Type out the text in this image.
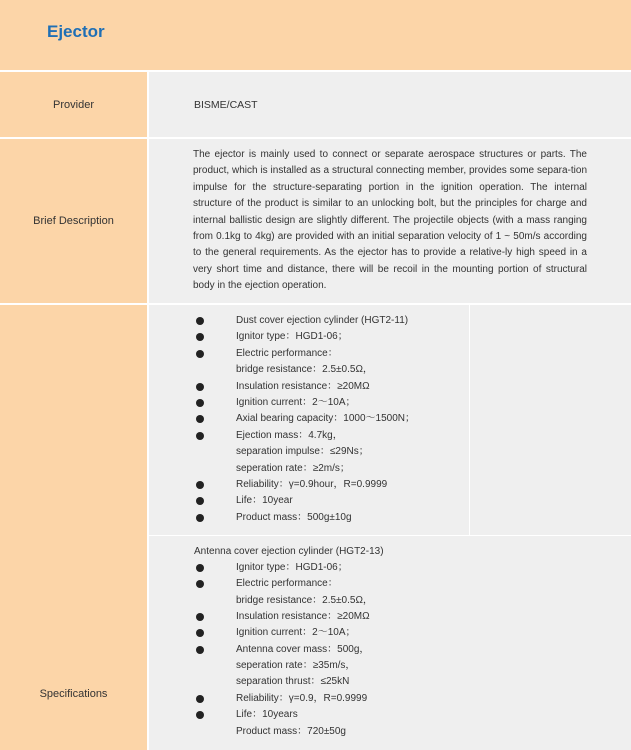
Ejector
Provider	BISME/CAST
Brief Description

The ejector is mainly used to connect or separate aerospace structures or parts. The product, which is installed as a structural connecting member, provides some separa-tion impulse for the structure-separating portion in the ignition operation. The internal structure of the product is similar to an unlocking bolt, but the principles for charge and internal ballistic design are slightly different. The projectile objects (with a mass ranging from 0.1kg to 4kg) are provided with an initial separation velocity of 1 ~ 50m/s according to the general requirements. As the ejector has to provide a relative-ly high speed in a very short time and distance, there will be recoil in the mounting portion of structural body in the ejection operation.

Specifications
Dust cover ejection cylinder (HGT2-11)
Ignitor type：HGD1-06；
Electric performance：
bridge resistance：2.5±0.5Ω，
Insulation resistance：≥20MΩ
Ignition current：2～10A；
Axial bearing capacity：1000～1500N；
Ejection mass：4.7kg，
separation impulse：≤29Ns；
seperation rate：≥2m/s；
Reliability：γ=0.9hour，R=0.9999
Life：10year
Product mass：500g±10g
Antenna cover ejection cylinder (HGT2-13)
Ignitor type：HGD1-06；
Electric performance：
bridge resistance：2.5±0.5Ω，
Insulation resistance：≥20MΩ
Ignition current：2～10A；
Antenna cover mass：500g，
seperation rate：≥35m/s，
separation thrust：≤25kN
Reliability：γ=0.9，R=0.9999
Life：10years
Product mass：720±50g
